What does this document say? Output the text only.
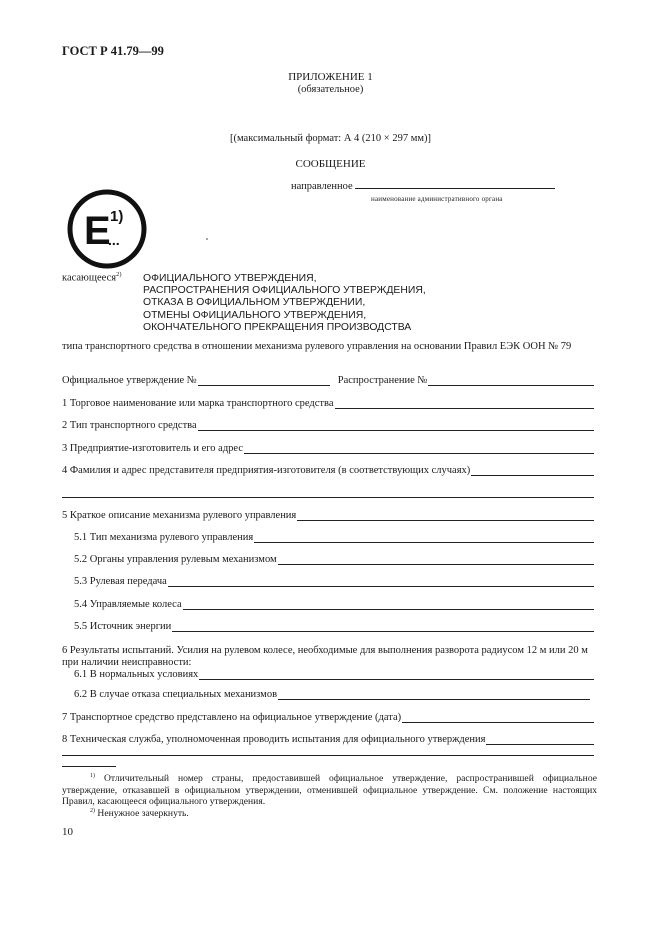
ГОСТ Р 41.79—99
ПРИЛОЖЕНИЕ 1
(обязательное)
[(максимальный формат: А 4 (210 × 297 мм)]
СООБЩЕНИЕ
направленное
наименование административного органа
E 1)
...
касающееся$^{2)}$ ОФИЦИАЛЬНОГО УТВЕРЖДЕНИЯ,
РАСПРОСТРАНЕНИЯ ОФИЦИАЛЬНОГО УТВЕРЖДЕНИЯ,
ОТКАЗА В ОФИЦИАЛЬНОМ УТВЕРЖДЕНИИ,
ОТМЕНЫ ОФИЦИАЛЬНОГО УТВЕРЖДЕНИЯ,
ОКОНЧАТЕЛЬНОГО ПРЕКРАЩЕНИЯ ПРОИЗВОДСТВА
типа транспортного средства в отношении механизма рулевого управления на основании Правил ЕЭК ООН № 79
Официальное утверждение №	Распространение №
1 Торговое наименование или марка транспортного средства
2 Тип транспортного средства
3 Предприятие-изготовитель и его адрес
4 Фамилия и адрес представителя предприятия-изготовителя (в соответствующих случаях)
5 Краткое описание механизма рулевого управления
5.1 Тип механизма рулевого управления
5.2 Органы управления рулевым механизмом
5.3 Рулевая передача
5.4 Управляемые колеса
5.5 Источник энергии
6 Результаты испытаний. Усилия на рулевом колесе, необходимые для выполнения разворота радиусом 12 м или 20 м при наличии неисправности:
6.1 В нормальных условиях
6.2 В случае отказа специальных механизмов
7 Транспортное средство представлено на официальное утверждение (дата)
8 Техническая служба, уполномоченная проводить испытания для официального утверждения
$^{1)}$ Отличительный номер страны, предоставившей официальное утверждение, распространившей официальное утверждение, отказавшей в официальном утверждении, отменившей официальное утверждение. См. положение настоящих Правил, касающееся официального утверждения.
$^{2)}$ Ненужное зачеркнуть.
10
